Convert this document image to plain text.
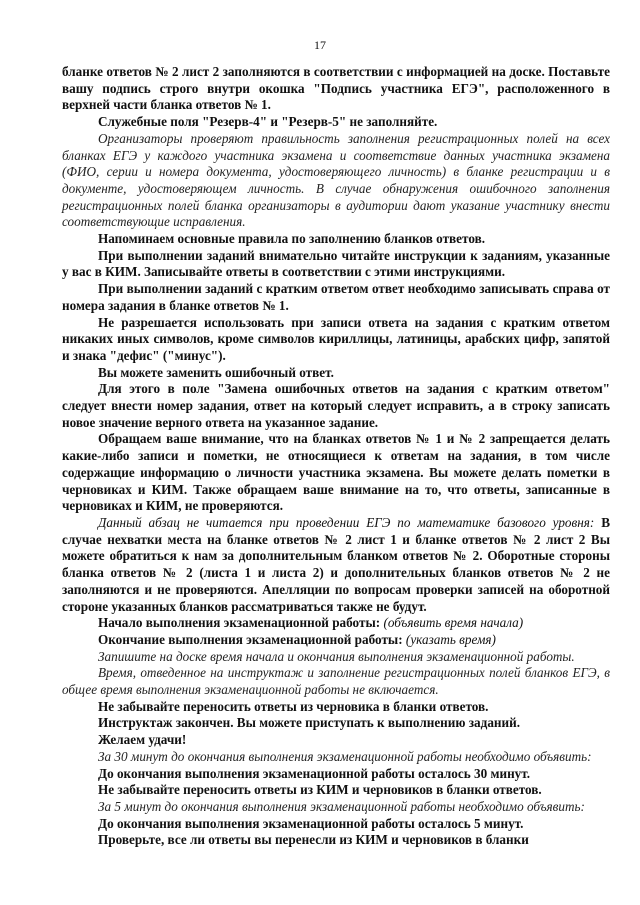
17

бланке ответов № 2 лист 2 заполняются в соответствии с информацией на доске. Поставьте вашу подпись строго внутри окошка "Подпись участника ЕГЭ", расположенного в верхней части бланка ответов № 1.

Служебные поля "Резерв-4" и "Резерв-5" не заполняйте.

Организаторы проверяют правильность заполнения регистрационных полей на всех бланках ЕГЭ у каждого участника экзамена и соответствие данных участника экзамена (ФИО, серии и номера документа, удостоверяющего личность) в бланке регистрации и в документе, удостоверяющем личность. В случае обнаружения ошибочного заполнения регистрационных полей бланка организаторы в аудитории дают указание участнику внести соответствующие исправления.

Напоминаем основные правила по заполнению бланков ответов.

При выполнении заданий внимательно читайте инструкции к заданиям, указанные у вас в КИМ. Записывайте ответы в соответствии с этими инструкциями.

При выполнении заданий с кратким ответом ответ необходимо записывать справа от номера задания в бланке ответов № 1.

Не разрешается использовать при записи ответа на задания с кратким ответом никаких иных символов, кроме символов кириллицы, латиницы, арабских цифр, запятой и знака "дефис" ("минус").

Вы можете заменить ошибочный ответ.

Для этого в поле "Замена ошибочных ответов на задания с кратким ответом" следует внести номер задания, ответ на который следует исправить, а в строку записать новое значение верного ответа на указанное задание.

Обращаем ваше внимание, что на бланках ответов № 1 и № 2 запрещается делать какие-либо записи и пометки, не относящиеся к ответам на задания, в том числе содержащие информацию о личности участника экзамена. Вы можете делать пометки в черновиках и КИМ. Также обращаем ваше внимание на то, что ответы, записанные в черновиках и КИМ, не проверяются.

Данный абзац не читается при проведении ЕГЭ по математике базового уровня: В случае нехватки места на бланке ответов № 2 лист 1 и бланке ответов № 2 лист 2 Вы можете обратиться к нам за дополнительным бланком ответов № 2. Оборотные стороны бланка ответов № 2 (листа 1 и листа 2) и дополнительных бланков ответов № 2 не заполняются и не проверяются. Апелляции по вопросам проверки записей на оборотной стороне указанных бланков рассматриваться также не будут.

Начало выполнения экзаменационной работы: (объявить время начала)

Окончание выполнения экзаменационной работы: (указать время)

Запишите на доске время начала и окончания выполнения экзаменационной работы.

Время, отведенное на инструктаж и заполнение регистрационных полей бланков ЕГЭ, в общее время выполнения экзаменационной работы не включается.

Не забывайте переносить ответы из черновика в бланки ответов.

Инструктаж закончен. Вы можете приступать к выполнению заданий.

Желаем удачи!

За 30 минут до окончания выполнения экзаменационной работы необходимо объявить:

До окончания выполнения экзаменационной работы осталось 30 минут.

Не забывайте переносить ответы из КИМ и черновиков в бланки ответов.

За 5 минут до окончания выполнения экзаменационной работы необходимо объявить:

До окончания выполнения экзаменационной работы осталось 5 минут.

Проверьте, все ли ответы вы перенесли из КИМ и черновиков в бланки
